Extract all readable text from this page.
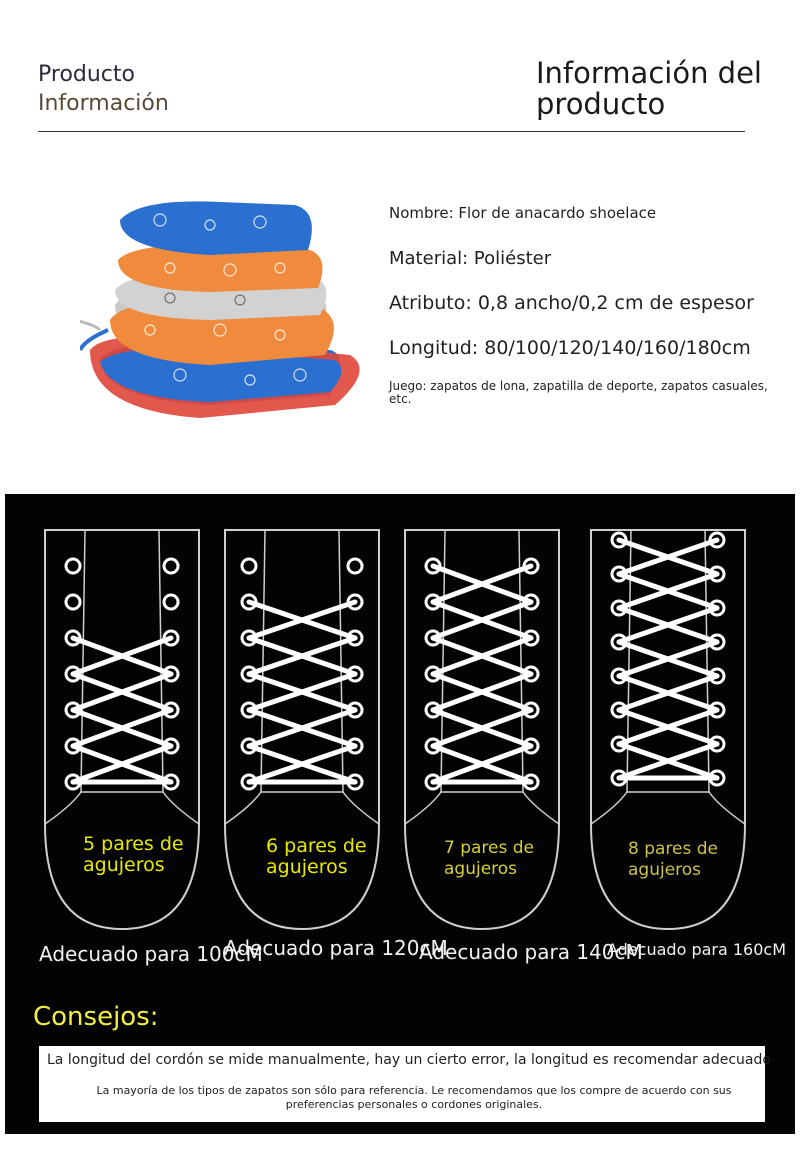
Producto
Información
Información del producto
Nombre: Flor de anacardo shoelace
Material: Poliéster
Atributo: 0,8 ancho/0,2 cm de espesor
Longitud: 80/100/120/140/160/180cm
Juego: zapatos de lona, zapatilla de deporte, zapatos casuales, etc.
5 pares de
agujeros
Adecuado para 100cM
6 pares de
agujeros
Adecuado para 120cM
7 pares de
agujeros
Adecuado para 140cM
8 pares de
agujeros
Adecuado para 160cM
Consejos:
La longitud del cordón se mide manualmente, hay un cierto error, la longitud es recomendar adecuado
La mayoría de los tipos de zapatos son sólo para referencia. Le recomendamos que los compre de acuerdo con sus preferencias personales o cordones originales.
